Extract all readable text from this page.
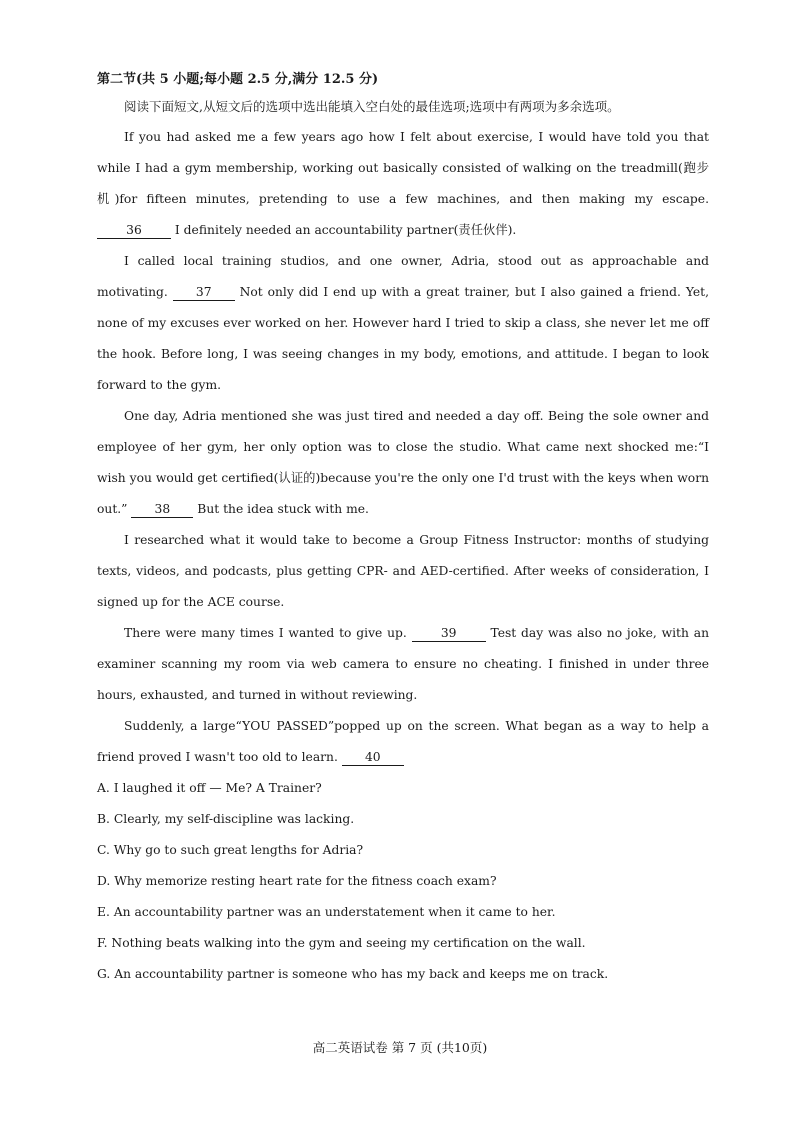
第二节(共 5 小题;每小题 2.5 分,满分 12.5 分)

阅读下面短文,从短文后的选项中选出能填入空白处的最佳选项;选项中有两项为多余选项。

If you had asked me a few years ago how I felt about exercise, I would have told you that while I had a gym membership, working out basically consisted of walking on the treadmill(跑步机)for fifteen minutes, pretending to use a few machines, and then making my escape. 36 I definitely needed an accountability partner(责任伙伴).

I called local training studios, and one owner, Adria, stood out as approachable and motivating. 37 Not only did I end up with a great trainer, but I also gained a friend. Yet, none of my excuses ever worked on her. However hard I tried to skip a class, she never let me off the hook. Before long, I was seeing changes in my body, emotions, and attitude. I began to look forward to the gym.

One day, Adria mentioned she was just tired and needed a day off. Being the sole owner and employee of her gym, her only option was to close the studio. What came next shocked me:“I wish you would get certified(认证的)because you're the only one I'd trust with the keys when worn out.” 38 But the idea stuck with me.

I researched what it would take to become a Group Fitness Instructor: months of studying texts, videos, and podcasts, plus getting CPR- and AED-certified. After weeks of consideration, I signed up for the ACE course.

There were many times I wanted to give up. 39 Test day was also no joke, with an examiner scanning my room via web camera to ensure no cheating. I finished in under three hours, exhausted, and turned in without reviewing.

Suddenly, a large“YOU PASSED”popped up on the screen. What began as a way to help a friend proved I wasn't too old to learn. 40

A. I laughed it off — Me? A Trainer?

B. Clearly, my self-discipline was lacking.

C. Why go to such great lengths for Adria?

D. Why memorize resting heart rate for the fitness coach exam?

E. An accountability partner was an understatement when it came to her.

F. Nothing beats walking into the gym and seeing my certification on the wall.

G. An accountability partner is someone who has my back and keeps me on track.

高二英语试卷 第 7 页 (共10页)
